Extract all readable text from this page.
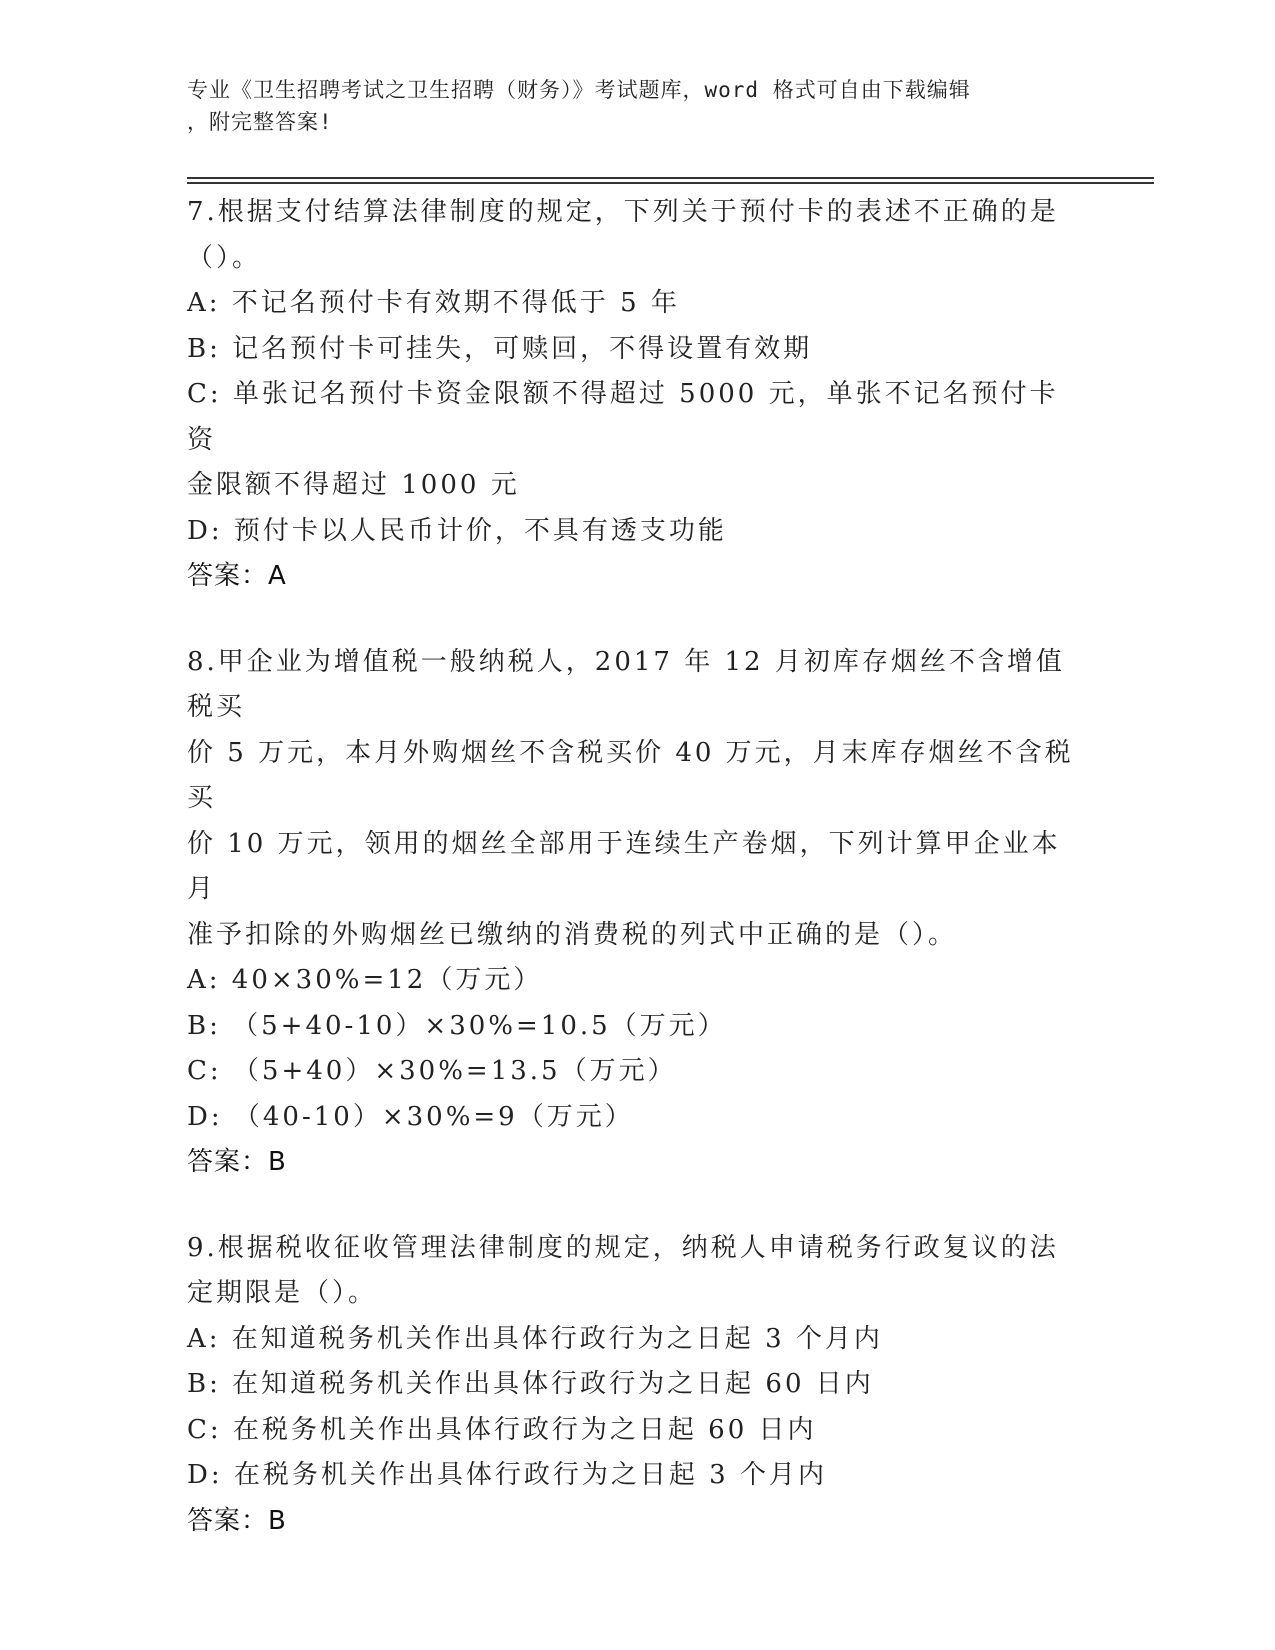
专业《卫生招聘考试之卫生招聘（财务）》考试题库，word 格式可自由下载编辑
，附完整答案!

7.根据支付结算法律制度的规定，下列关于预付卡的表述不正确的是

（）。

A: 不记名预付卡有效期不得低于 5 年

B: 记名预付卡可挂失，可赎回，不得设置有效期

C: 单张记名预付卡资金限额不得超过 5000 元，单张不记名预付卡资

金限额不得超过 1000 元

D: 预付卡以人民币计价，不具有透支功能

答案：A

8.甲企业为增值税一般纳税人，2017 年 12 月初库存烟丝不含增值税买

价 5 万元，本月外购烟丝不含税买价 40 万元，月末库存烟丝不含税买

价 10 万元，领用的烟丝全部用于连续生产卷烟，下列计算甲企业本月

准予扣除的外购烟丝已缴纳的消费税的列式中正确的是（）。

A: 40×30%=12（万元）

B: （5+40-10）×30%=10.5（万元）

C: （5+40）×30%=13.5（万元）

D: （40-10）×30%=9（万元）

答案：B

9.根据税收征收管理法律制度的规定，纳税人申请税务行政复议的法

定期限是（）。

A: 在知道税务机关作出具体行政行为之日起 3 个月内

B: 在知道税务机关作出具体行政行为之日起 60 日内

C: 在税务机关作出具体行政行为之日起 60 日内

D: 在税务机关作出具体行政行为之日起 3 个月内

答案：B
